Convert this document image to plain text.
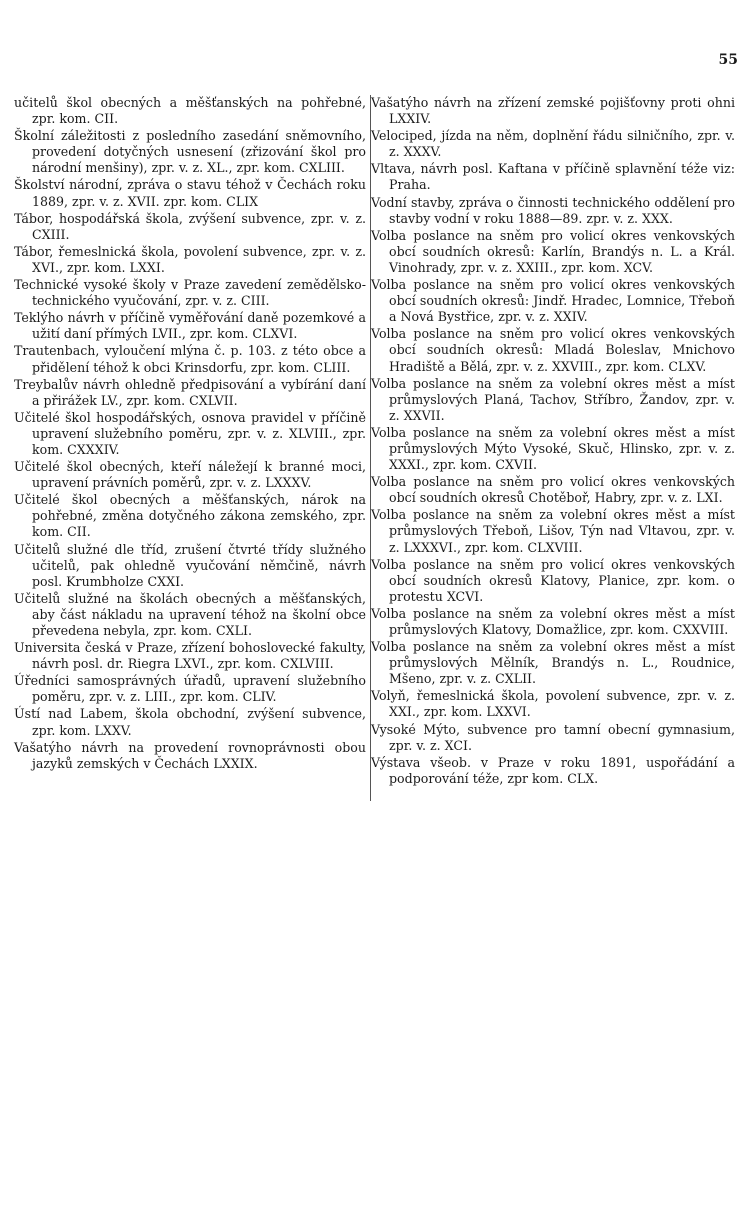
55

učitelů škol obecných a měšťanských na pohřebné, zpr. kom. CII.

Školní záležitosti z posledního zasedání sněmovního, provedení dotyčných usnesení (zřizování škol pro národní menšiny), zpr. v. z. XL., zpr. kom. CXLIII.

Školství národní, zpráva o stavu téhož v Čechách roku 1889, zpr. v. z. XVII. zpr. kom. CLIX

Tábor, hospodářská škola, zvýšení subvence, zpr. v. z. CXIII.

Tábor, řemeslnická škola, povolení subvence, zpr. v. z. XVI., zpr. kom. LXXI.

Technické vysoké školy v Praze zavedení zemědělsko-technického vyučování, zpr. v. z. CIII.

Teklýho návrh v příčině vyměřování daně pozemkové a užití daní přímých LVII., zpr. kom. CLXVI.

Trautenbach, vyloučení mlýna č. p. 103. z této obce a přidělení téhož k obci Krinsdorfu, zpr. kom. CLIII.

Treybalův návrh ohledně předpisování a vybírání daní a přirážek LV., zpr. kom. CXLVII.

Učitelé škol hospodářských, osnova pravidel v příčině upravení služebního poměru, zpr. v. z. XLVIII., zpr. kom. CXXXIV.

Učitelé škol obecných, kteří náležejí k branné moci, upravení právních poměrů, zpr. v. z. LXXXV.

Učitelé škol obecných a měšťanských, nárok na pohřebné, změna dotyčného zákona zemského, zpr. kom. CII.

Učitelů služné dle tříd, zrušení čtvrté třídy služného učitelů, pak ohledně vyučování němčině, návrh posl. Krumbholze CXXI.

Učitelů služné na školách obecných a měšťanských, aby část nákladu na upravení téhož na školní obce převedena nebyla, zpr. kom. CXLI.

Universita česká v Praze, zřízení bohoslovecké fakulty, návrh posl. dr. Riegra LXVI., zpr. kom. CXLVIII.

Úředníci samosprávných úřadů, upravení služebního poměru, zpr. v. z. LIII., zpr. kom. CLIV.

Ústí nad Labem, škola obchodní, zvýšení subvence, zpr. kom. LXXV.

Vašatýho návrh na provedení rovnoprávnosti obou jazyků zemských v Čechách LXXIX.

Vašatýho návrh na zřízení zemské pojišťovny proti ohni LXXIV.

Velociped, jízda na něm, doplnění řádu silničního, zpr. v. z. XXXV.

Vltava, návrh posl. Kaftana v příčině splavnění téže viz: Praha.

Vodní stavby, zpráva o činnosti technického oddělení pro stavby vodní v roku 1888—89. zpr. v. z. XXX.

Volba poslance na sněm pro volicí okres venkovských obcí soudních okresů: Karlín, Brandýs n. L. a Král. Vinohrady, zpr. v. z. XXIII., zpr. kom. XCV.

Volba poslance na sněm pro volicí okres venkovských obcí soudních okresů: Jindř. Hradec, Lomnice, Třeboň a Nová Bystřice, zpr. v. z. XXIV.

Volba poslance na sněm pro volicí okres venkovských obcí soudních okresů: Mladá Boleslav, Mnichovo Hradiště a Bělá, zpr. v. z. XXVIII., zpr. kom. CLXV.

Volba poslance na sněm za volební okres měst a míst průmyslových Planá, Tachov, Stříbro, Žandov, zpr. v. z. XXVII.

Volba poslance na sněm za volební okres měst a míst průmyslových Mýto Vysoké, Skuč, Hlinsko, zpr. v. z. XXXI., zpr. kom. CXVII.

Volba poslance na sněm pro volicí okres venkovských obcí soudních okresů Chotěboř, Habry, zpr. v. z. LXI.

Volba poslance na sněm za volební okres měst a míst průmyslových Třeboň, Lišov, Týn nad Vltavou, zpr. v. z. LXXXVI., zpr. kom. CLXVIII.

Volba poslance na sněm pro volicí okres venkovských obcí soudních okresů Klatovy, Planice, zpr. kom. o protestu XCVI.

Volba poslance na sněm za volební okres měst a míst průmyslových Klatovy, Domažlice, zpr. kom. CXXVIII.

Volba poslance na sněm za volební okres měst a míst průmyslových Mělník, Brandýs n. L., Roudnice, Mšeno, zpr. v. z. CXLII.

Volyň, řemeslnická škola, povolení subvence, zpr. v. z. XXI., zpr. kom. LXXVI.

Vysoké Mýto, subvence pro tamní obecní gymnasium, zpr. v. z. XCI.

Výstava všeob. v Praze v roku 1891, uspořádání a podporování téže, zpr kom. CLX.
